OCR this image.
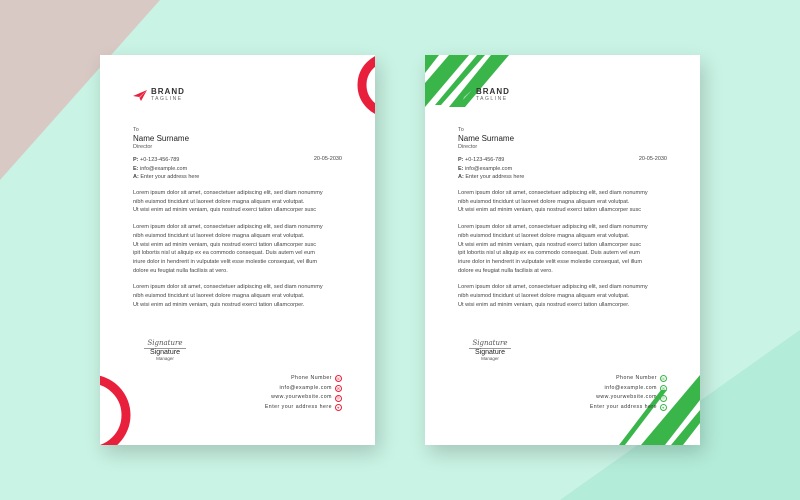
BRAND
TAGLINE
To
Name Surname
Director
P: +0-123-456-789
E: info@example.com
A: Enter your address here
20-05-2030
Lorem ipsum dolor sit amet, consectetuer adipiscing elit, sed diam nonummy
nibh euismod tincidunt ut laoreet dolore magna aliquam erat volutpat.
Ut wisi enim ad minim veniam, quis nostrud exerci tation ullamcorper susc
Lorem ipsum dolor sit amet, consectetuer adipiscing elit, sed diam nonummy
nibh euismod tincidunt ut laoreet dolore magna aliquam erat volutpat.
Ut wisi enim ad minim veniam, quis nostrud exerci tation ullamcorper susc
ipit lobortis nisl ut aliquip ex ea commodo consequat. Duis autem vel eum
iriure dolor in hendrerit in vulputate velit esse molestie consequat, vel illum
dolore eu feugiat nulla facilisis at vero.
Lorem ipsum dolor sit amet, consectetuer adipiscing elit, sed diam nonummy
nibh euismod tincidunt ut laoreet dolore magna aliquam erat volutpat.
Ut wisi enim ad minim veniam, quis nostrud exerci tation ullamcorper.
Signature
Signature
Manager
Phone Number ☏
info@example.com	✉
www.yourwebsite.com	◎
Enter your address here	⌖
BRAND
TAGLINE
To
Name Surname
Director
P: +0-123-456-789
E: info@example.com
A: Enter your address here
20-05-2030
Lorem ipsum dolor sit amet, consectetuer adipiscing elit, sed diam nonummy
nibh euismod tincidunt ut laoreet dolore magna aliquam erat volutpat.
Ut wisi enim ad minim veniam, quis nostrud exerci tation ullamcorper susc
Lorem ipsum dolor sit amet, consectetuer adipiscing elit, sed diam nonummy
nibh euismod tincidunt ut laoreet dolore magna aliquam erat volutpat.
Ut wisi enim ad minim veniam, quis nostrud exerci tation ullamcorper susc
ipit lobortis nisl ut aliquip ex ea commodo consequat. Duis autem vel eum
iriure dolor in hendrerit in vulputate velit esse molestie consequat, vel illum
dolore eu feugiat nulla facilisis at vero.
Lorem ipsum dolor sit amet, consectetuer adipiscing elit, sed diam nonummy
nibh euismod tincidunt ut laoreet dolore magna aliquam erat volutpat.
Ut wisi enim ad minim veniam, quis nostrud exerci tation ullamcorper.
Signature
Signature
Manager
Phone Number ☏
info@example.com	✉
www.yourwebsite.com	◎
Enter your address here	⌖
